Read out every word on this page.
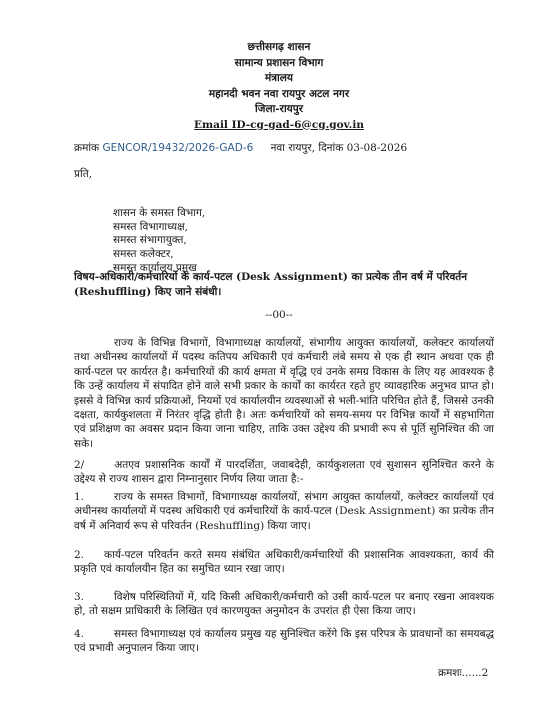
छत्तीसगढ़ शासन
सामान्य प्रशासन विभाग
मंत्रालय
महानदी भवन नवा रायपुर अटल नगर
जिला-रायपुर
Email ID-cg-gad-6@cg.gov.in
क्रमांक GENCOR/19432/2026-GAD-6 नवा रायपुर, दिनांक 03-08-2026
प्रति,
शासन के समस्त विभाग,
समस्त विभागाध्यक्ष,
समस्त संभागायुक्त,
समस्त कलेक्टर,
समस्त कार्यालय प्रमुख
विषय-अधिकारी/कर्मचारियों के कार्य-पटल (Desk Assignment) का प्रत्येक तीन वर्ष में परिवर्तन (Reshuffling) किए जाने संबंधी।
--00--
राज्य के विभिन्न विभागों, विभागाध्यक्ष कार्यालयों, संभागीय आयुक्त कार्यालयों, कलेक्टर कार्यालयों तथा अधीनस्थ कार्यालयों में पदस्थ कतिपय अधिकारी एवं कर्मचारी लंबे समय से एक ही स्थान अथवा एक ही कार्य-पटल पर कार्यरत है। कर्मचारियों की कार्य क्षमता में वृद्धि एवं उनके समग्र विकास के लिए यह आवश्यक है कि उन्हें कार्यालय में संपादित होने वाले सभी प्रकार के कार्यों का कार्यरत रहते हुए व्यावहारिक अनुभव प्राप्त हो। इससे वे विभिन्न कार्य प्रक्रियाओं, नियमों एवं कार्यालयीन व्यवस्थाओं से भली-भांति परिचित होते हैं, जिससे उनकी दक्षता, कार्यकुशलता में निरंतर वृद्धि होती है। अतः कर्मचारियों को समय-समय पर विभिन्न कार्यों में सहभागिता एवं प्रशिक्षण का अवसर प्रदान किया जाना चाहिए, ताकि उक्त उद्देश्य की प्रभावी रूप से पूर्ति सुनिश्चित की जा सके।
2/	अतएव प्रशासनिक कार्यों में पारदर्शिता, जवाबदेही, कार्यकुशलता एवं सुशासन सुनिश्चित करने के उद्देश्य से राज्य शासन द्वारा निम्नानुसार निर्णय लिया जाता है:-
1.	राज्य के समस्त विभागों, विभागाध्यक्ष कार्यालयों, संभाग आयुक्त कार्यालयों, कलेक्टर कार्यालयों एवं अधीनस्थ कार्यालयों में पदस्थ अधिकारी एवं कर्मचारियों के कार्य-पटल (Desk Assignment) का प्रत्येक तीन वर्ष में अनिवार्य रूप से परिवर्तन (Reshuffling) किया जाए।
2. कार्य-पटल परिवर्तन करते समय संबंधित अधिकारी/कर्मचारियों की प्रशासनिक आवश्यकता, कार्य की प्रकृति एवं कार्यालयीन हित का समुचित ध्यान रखा जाए।
3.	विशेष परिस्थितियों में, यदि किसी अधिकारी/कर्मचारी को उसी कार्य-पटल पर बनाए रखना आवश्यक हो, तो सक्षम प्राधिकारी के लिखित एवं कारणयुक्त अनुमोदन के उपरांत ही ऐसा किया जाए।
4.	समस्त विभागाध्यक्ष एवं कार्यालय प्रमुख यह सुनिश्चित करेंगे कि इस परिपत्र के प्रावधानों का समयबद्ध एवं प्रभावी अनुपालन किया जाए।
क्रमशः......2
